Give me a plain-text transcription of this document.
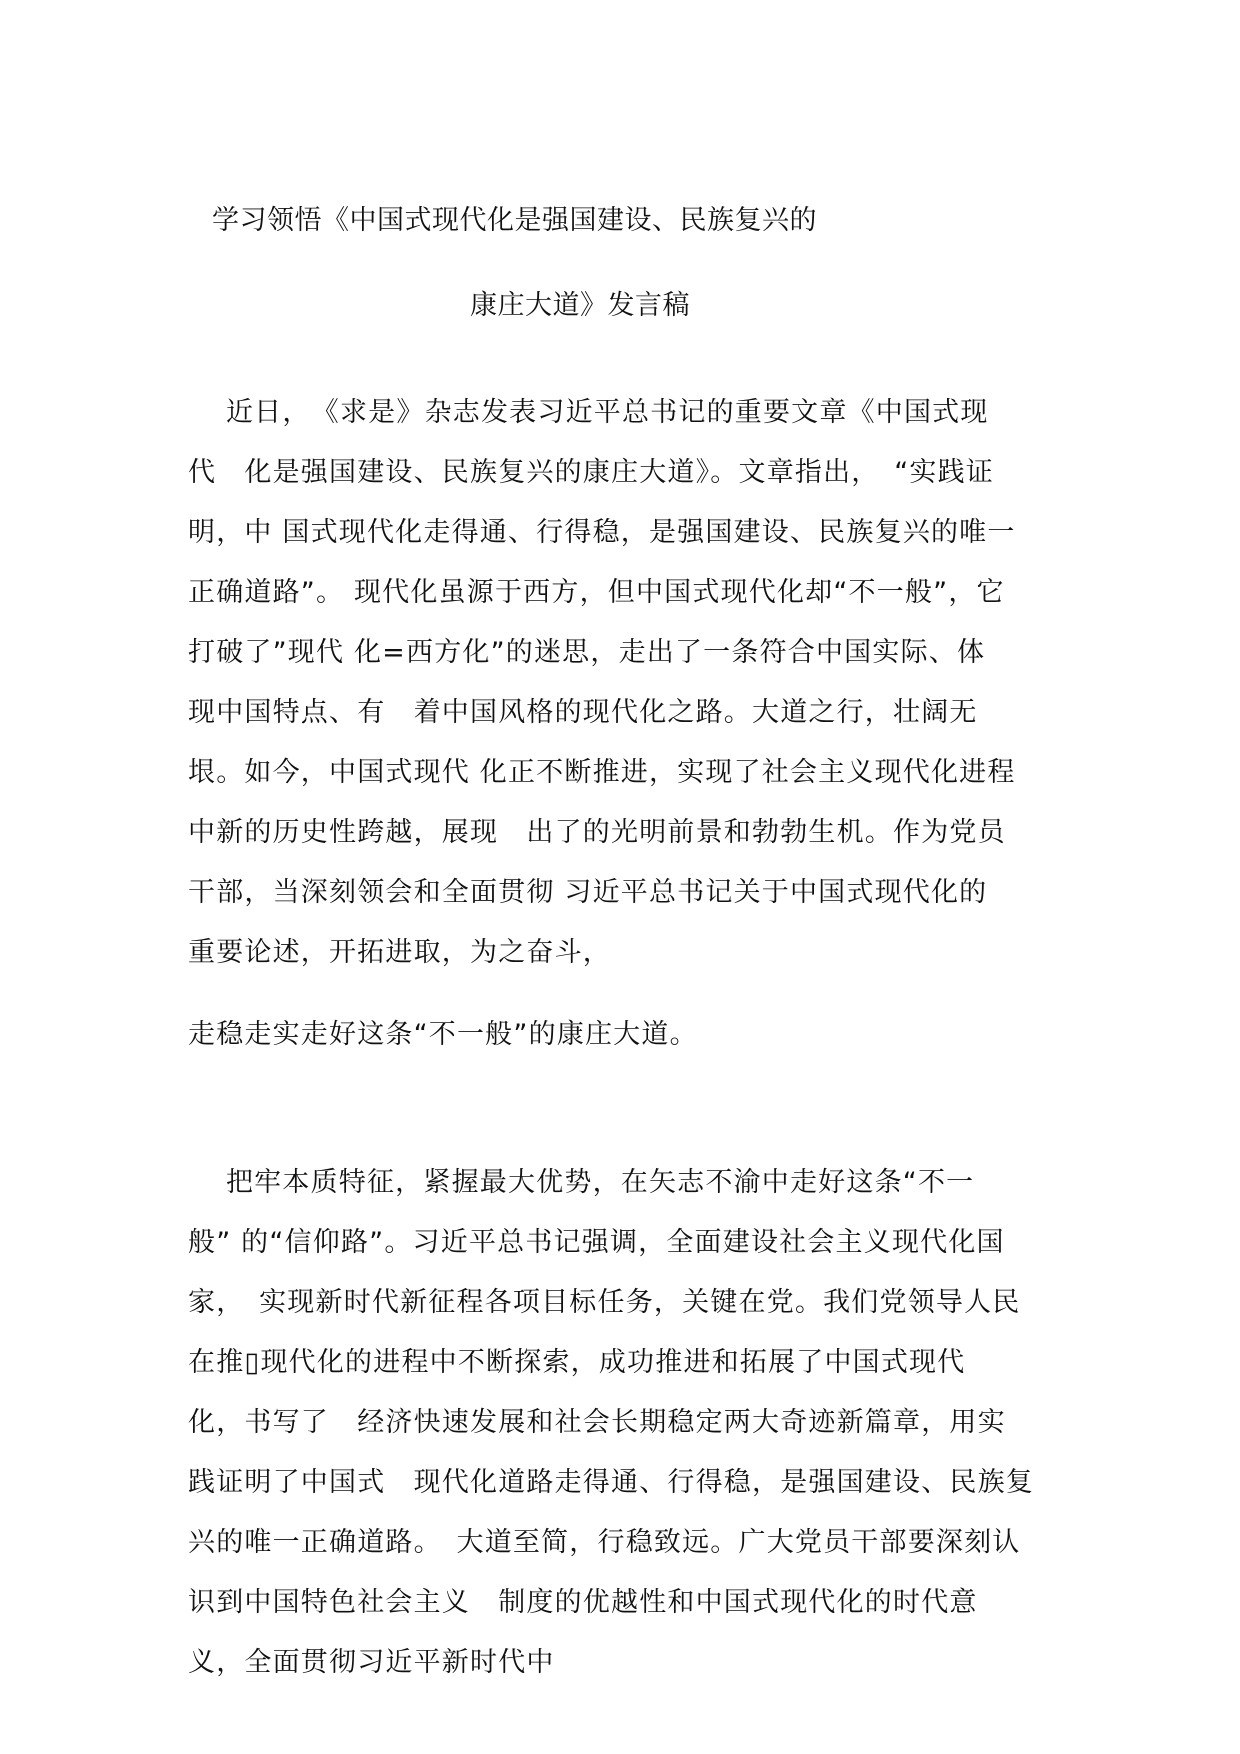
学习领悟《中国式现代化是强国建设、民族复兴的
康庄大道》发言稿
　 近日，　《求是》杂志发表习近平总书记的重要文章《中国式现
代　化是强国建设、民族复兴的康庄大道》。文章指出，　“实践证
明，中 国式现代化走得通、行得稳，是强国建设、民族复兴的唯一
正确道路”。 现代化虽源于西方，但中国式现代化却“不一般”，它
打破了”现代 化=西方化”的迷思，走出了一条符合中国实际、体
现中国特点、有　着中国风格的现代化之路。大道之行，壮阔无
垠。如今，中国式现代 化正不断推进，实现了社会主义现代化进程
中新的历史性跨越，展现　出了的光明前景和勃勃生机。作为党员
干部，当深刻领会和全面贯彻 习近平总书记关于中国式现代化的
重要论述，开拓进取，为之奋斗，
走稳走实走好这条“不一般”的康庄大道。
　 把牢本质特征，紧握最大优势，在矢志不渝中走好这条“不一
般” 的“信仰路”。习近平总书记强调，全面建设社会主义现代化国
家，　实现新时代新征程各项目标任务，关键在党。我们党领导人民
在推▯现代化的进程中不断探索，成功推进和拓展了中国式现代
化，书写了　经济快速发展和社会长期稳定两大奇迹新篇章，用实
践证明了中国式　现代化道路走得通、行得稳，是强国建设、民族复
兴的唯一正确道路。　大道至简，行稳致远。广大党员干部要深刻认
识到中国特色社会主义　制度的优越性和中国式现代化的时代意
义，全面贯彻习近平新时代中
